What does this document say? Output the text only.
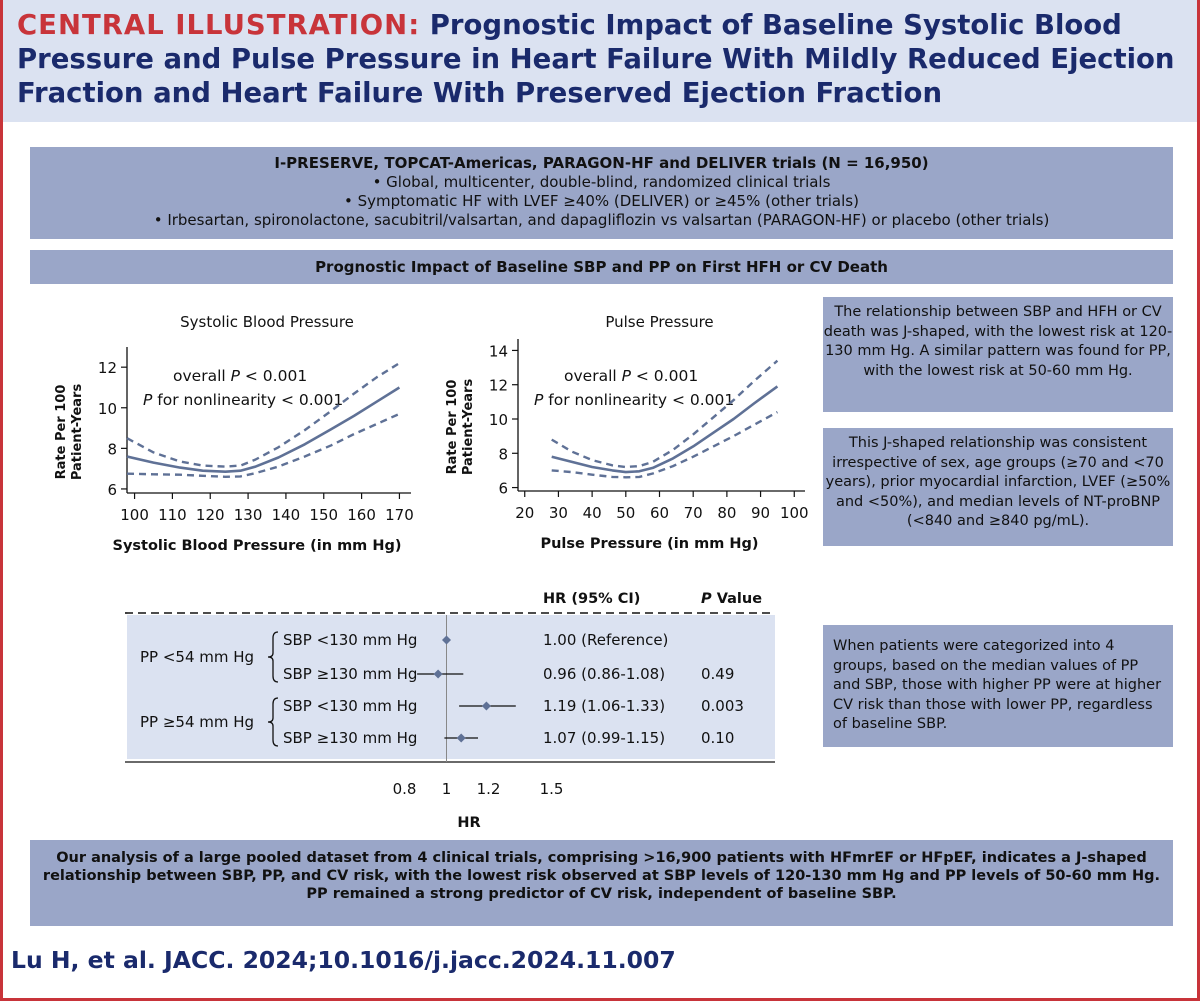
CENTRAL ILLUSTRATION: Prognostic Impact of Baseline Systolic Blood Pressure and Pulse Pressure in Heart Failure With Mildly Reduced Ejection Fraction and Heart Failure With Preserved Ejection Fraction
I-PRESERVE, TOPCAT-Americas, PARAGON-HF and DELIVER trials (N = 16,950)
• Global, multicenter, double-blind, randomized clinical trials
• Symptomatic HF with LVEF ≥40% (DELIVER) or ≥45% (other trials)
• Irbesartan, spironolactone, sacubitril/valsartan, and dapagliflozin vs valsartan (PARAGON-HF) or placebo (other trials)
Prognostic Impact of Baseline SBP and PP on First HFH or CV Death
Systolic Blood Pressure
6
8
10
12
100 110 120 130 140 150 160 170
Systolic Blood Pressure (in mm Hg)
Rate Per 100 Patient-Years
overall P < 0.001
P for nonlinearity < 0.001
Pulse Pressure
6
8
10
12
14
20 30 40 50 60 70 80 90 100
Pulse Pressure (in mm Hg)
Rate Per 100 Patient-Years
overall P < 0.001
P for nonlinearity < 0.001
The relationship between SBP and HFH or CV death was J-shaped, with the lowest risk at 120-130 mm Hg. A similar pattern was found for PP, with the lowest risk at 50-60 mm Hg.
This J-shaped relationship was consistent irrespective of sex, age groups (≥70 and <70 years), prior myocardial infarction, LVEF (≥50% and <50%), and median levels of NT-proBNP (<840 and ≥840 pg/mL).
HR (95% CI)	P Value
0.8 1 1.2	1.5
HR
PP <54 mm Hg
PP ≥54 mm Hg
SBP <130 mm Hg	1.00 (Reference)
SBP ≥130 mm Hg	0.96 (0.86-1.08) 0.49
SBP <130 mm Hg	1.19 (1.06-1.33) 0.003
SBP ≥130 mm Hg	1.07 (0.99-1.15) 0.10
When patients were categorized into 4 groups, based on the median values of PP and SBP, those with higher PP were at higher CV risk than those with lower PP, regardless of baseline SBP.
Our analysis of a large pooled dataset from 4 clinical trials, comprising >16,900 patients with HFmrEF or HFpEF, indicates a J-shaped relationship between SBP, PP, and CV risk, with the lowest risk observed at SBP levels of 120-130 mm Hg and PP levels of 50-60 mm Hg. PP remained a strong predictor of CV risk, independent of baseline SBP.

Lu H, et al. JACC. 2024;10.1016/j.jacc.2024.11.007
